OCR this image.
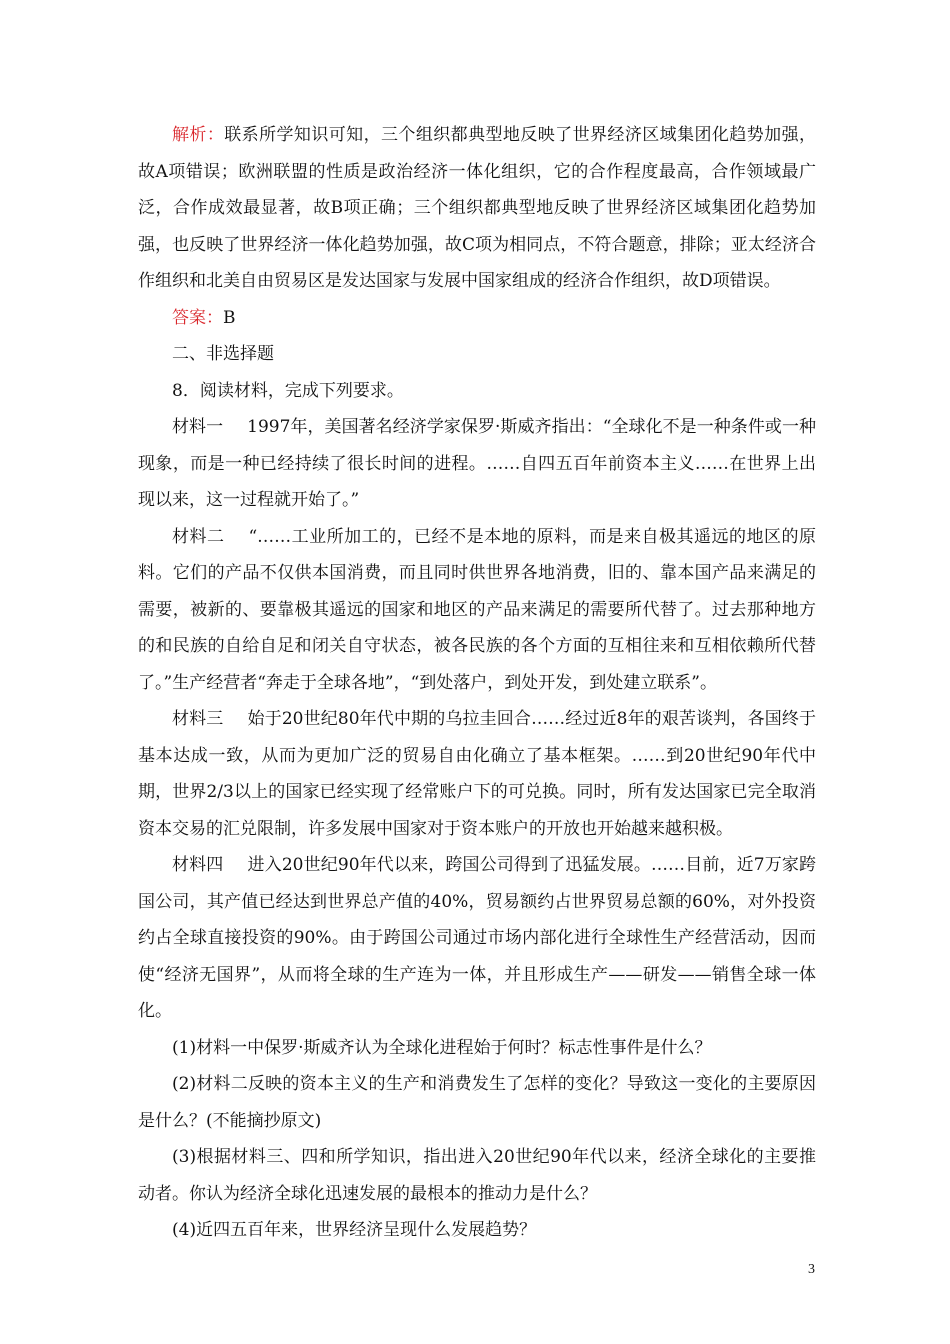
解析：联系所学知识可知，三个组织都典型地反映了世界经济区域集团化趋势加强，故A项错误；欧洲联盟的性质是政治经济一体化组织，它的合作程度最高，合作领域最广泛，合作成效最显著，故B项正确；三个组织都典型地反映了世界经济区域集团化趋势加强，也反映了世界经济一体化趋势加强，故C项为相同点，不符合题意，排除；亚太经济合作组织和北美自由贸易区是发达国家与发展中国家组成的经济合作组织，故D项错误。

答案：B

二、非选择题

8．阅读材料，完成下列要求。

材料一 1997年，美国著名经济学家保罗·斯威齐指出：“全球化不是一种条件或一种现象，而是一种已经持续了很长时间的进程。……自四五百年前资本主义……在世界上出现以来，这一过程就开始了。”

材料二 “……工业所加工的，已经不是本地的原料，而是来自极其遥远的地区的原料。它们的产品不仅供本国消费，而且同时供世界各地消费，旧的、靠本国产品来满足的需要，被新的、要靠极其遥远的国家和地区的产品来满足的需要所代替了。过去那种地方的和民族的自给自足和闭关自守状态，被各民族的各个方面的互相往来和互相依赖所代替了。”生产经营者“奔走于全球各地”，“到处落户，到处开发，到处建立联系”。

材料三 始于20世纪80年代中期的乌拉圭回合……经过近8年的艰苦谈判，各国终于基本达成一致，从而为更加广泛的贸易自由化确立了基本框架。……到20世纪90年代中期，世界2/3以上的国家已经实现了经常账户下的可兑换。同时，所有发达国家已完全取消资本交易的汇兑限制，许多发展中国家对于资本账户的开放也开始越来越积极。

材料四 进入20世纪90年代以来，跨国公司得到了迅猛发展。……目前，近7万家跨国公司，其产值已经达到世界总产值的40%，贸易额约占世界贸易总额的60%，对外投资约占全球直接投资的90%。由于跨国公司通过市场内部化进行全球性生产经营活动，因而使“经济无国界”，从而将全球的生产连为一体，并且形成生产——研发——销售全球一体化。

(1)材料一中保罗·斯威齐认为全球化进程始于何时？标志性事件是什么？

(2)材料二反映的资本主义的生产和消费发生了怎样的变化？导致这一变化的主要原因是什么？(不能摘抄原文)

(3)根据材料三、四和所学知识，指出进入20世纪90年代以来，经济全球化的主要推动者。你认为经济全球化迅速发展的最根本的推动力是什么？

(4)近四五百年来，世界经济呈现什么发展趋势？

3
